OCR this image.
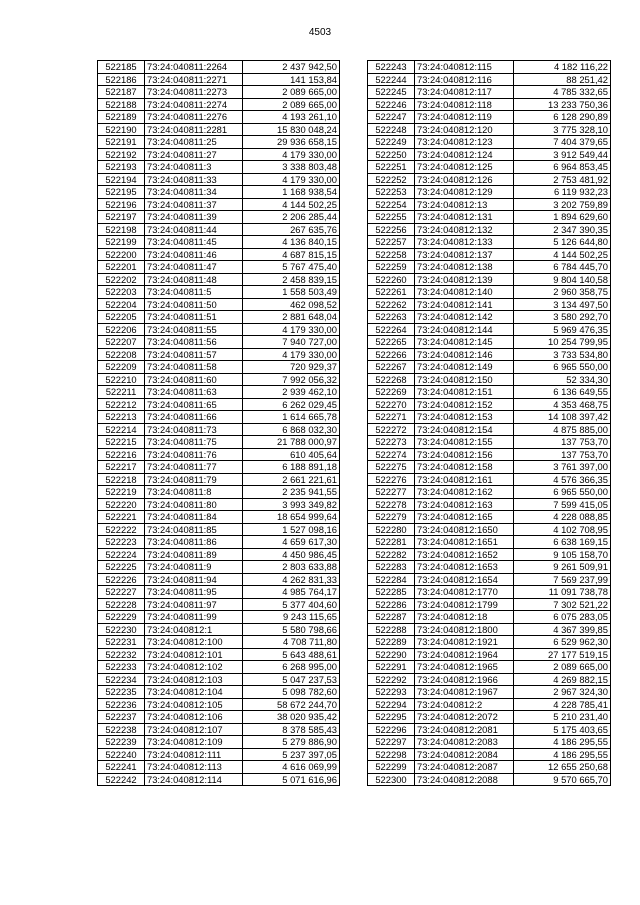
4503
522185	73:24:040811:2264	2 437 942,50
522186	73:24:040811:2271	141 153,84
522187	73:24:040811:2273	2 089 665,00
522188	73:24:040811:2274	2 089 665,00
522189	73:24:040811:2276	4 193 261,10
522190	73:24:040811:2281	15 830 048,24
522191	73:24:040811:25	29 936 658,15
522192	73:24:040811:27	4 179 330,00
522193	73:24:040811:3	3 338 803,48
522194	73:24:040811:33	4 179 330,00
522195	73:24:040811:34	1 168 938,54
522196	73:24:040811:37	4 144 502,25
522197	73:24:040811:39	2 206 285,44
522198	73:24:040811:44	267 635,76
522199	73:24:040811:45	4 136 840,15
522200	73:24:040811:46	4 687 815,15
522201	73:24:040811:47	5 767 475,40
522202	73:24:040811:48	2 458 839,15
522203	73:24:040811:5	1 558 503,49
522204	73:24:040811:50	462 098,52
522205	73:24:040811:51	2 881 648,04
522206	73:24:040811:55	4 179 330,00
522207	73:24:040811:56	7 940 727,00
522208	73:24:040811:57	4 179 330,00
522209	73:24:040811:58	720 929,37
522210	73:24:040811:60	7 992 056,32
522211	73:24:040811:63	2 939 462,10
522212	73:24:040811:65	6 262 029,45
522213	73:24:040811:66	1 614 665,78
522214	73:24:040811:73	6 868 032,30
522215	73:24:040811:75	21 788 000,97
522216	73:24:040811:76	610 405,64
522217	73:24:040811:77	6 188 891,18
522218	73:24:040811:79	2 661 221,61
522219	73:24:040811:8	2 235 941,55
522220	73:24:040811:80	3 993 349,82
522221	73:24:040811:84	18 654 999,64
522222	73:24:040811:85	1 527 098,16
522223	73:24:040811:86	4 659 617,30
522224	73:24:040811:89	4 450 986,45
522225	73:24:040811:9	2 803 633,88
522226	73:24:040811:94	4 262 831,33
522227	73:24:040811:95	4 985 764,17
522228	73:24:040811:97	5 377 404,60
522229	73:24:040811:99	9 243 115,65
522230	73:24:040812:1	5 580 798,66
522231	73:24:040812:100	4 708 711,80
522232	73:24:040812:101	5 643 488,61
522233	73:24:040812:102	6 268 995,00
522234	73:24:040812:103	5 047 237,53
522235	73:24:040812:104	5 098 782,60
522236	73:24:040812:105	58 672 244,70
522237	73:24:040812:106	38 020 935,42
522238	73:24:040812:107	8 378 585,43
522239	73:24:040812:109	5 279 886,90
522240	73:24:040812:111	5 237 397,05
522241	73:24:040812:113	4 616 069,99
522242	73:24:040812:114	5 071 616,96
522243	73:24:040812:115	4 182 116,22
522244	73:24:040812:116	88 251,42
522245	73:24:040812:117	4 785 332,65
522246	73:24:040812:118	13 233 750,36
522247	73:24:040812:119	6 128 290,89
522248	73:24:040812:120	3 775 328,10
522249	73:24:040812:123	7 404 379,65
522250	73:24:040812:124	3 912 549,44
522251	73:24:040812:125	6 964 853,45
522252	73:24:040812:126	2 753 481,92
522253	73:24:040812:129	6 119 932,23
522254	73:24:040812:13	3 202 759,89
522255	73:24:040812:131	1 894 629,60
522256	73:24:040812:132	2 347 390,35
522257	73:24:040812:133	5 126 644,80
522258	73:24:040812:137	4 144 502,25
522259	73:24:040812:138	6 784 445,70
522260	73:24:040812:139	9 804 140,58
522261	73:24:040812:140	2 960 358,75
522262	73:24:040812:141	3 134 497,50
522263	73:24:040812:142	3 580 292,70
522264	73:24:040812:144	5 969 476,35
522265	73:24:040812:145	10 254 799,95
522266	73:24:040812:146	3 733 534,80
522267	73:24:040812:149	6 965 550,00
522268	73:24:040812:150	52 334,30
522269	73:24:040812:151	6 136 649,55
522270	73:24:040812:152	4 353 468,75
522271	73:24:040812:153	14 108 397,42
522272	73:24:040812:154	4 875 885,00
522273	73:24:040812:155	137 753,70
522274	73:24:040812:156	137 753,70
522275	73:24:040812:158	3 761 397,00
522276	73:24:040812:161	4 576 366,35
522277	73:24:040812:162	6 965 550,00
522278	73:24:040812:163	7 599 415,05
522279	73:24:040812:165	4 228 088,85
522280	73:24:040812:1650	4 102 708,95
522281	73:24:040812:1651	6 638 169,15
522282	73:24:040812:1652	9 105 158,70
522283	73:24:040812:1653	9 261 509,91
522284	73:24:040812:1654	7 569 237,99
522285	73:24:040812:1770	11 091 738,78
522286	73:24:040812:1799	7 302 521,22
522287	73:24:040812:18	6 075 283,05
522288	73:24:040812:1800	4 367 399,85
522289	73:24:040812:1921	6 529 962,30
522290	73:24:040812:1964	27 177 519,15
522291	73:24:040812:1965	2 089 665,00
522292	73:24:040812:1966	4 269 882,15
522293	73:24:040812:1967	2 967 324,30
522294	73:24:040812:2	4 228 785,41
522295	73:24:040812:2072	5 210 231,40
522296	73:24:040812:2081	5 175 403,65
522297	73:24:040812:2083	4 186 295,55
522298	73:24:040812:2084	4 186 295,55
522299	73:24:040812:2087	12 655 250,68
522300	73:24:040812:2088	9 570 665,70
